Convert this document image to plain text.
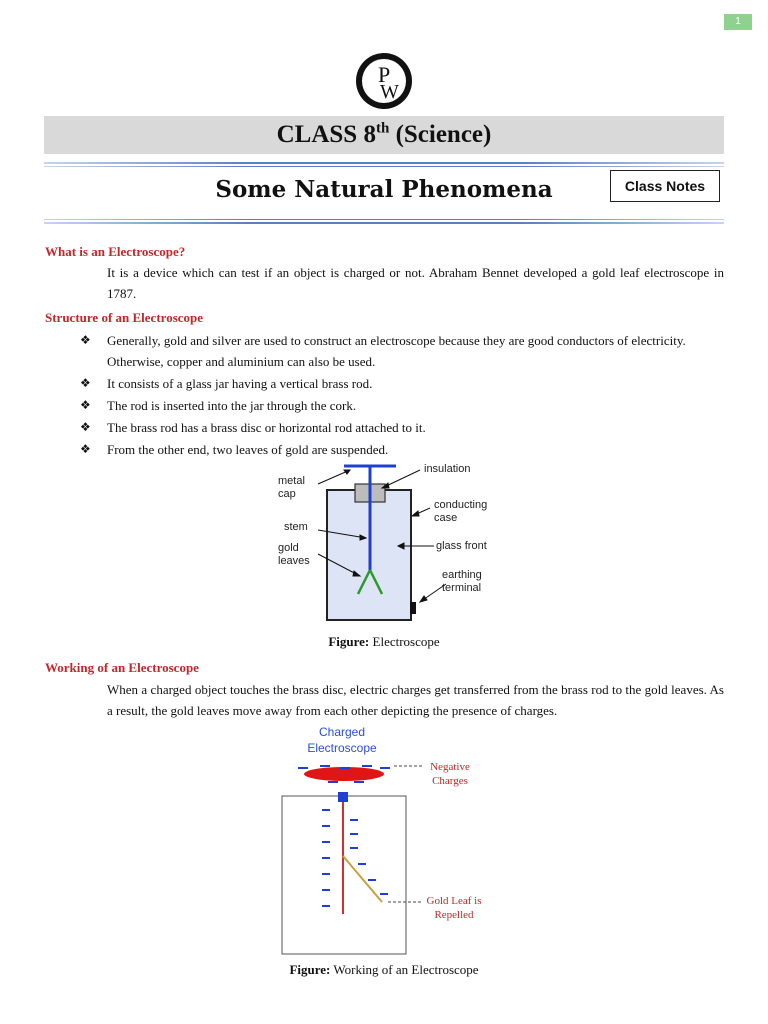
1
P
W
CLASS 8th (Science)
Some Natural Phenomena	Class Notes
What is an Electroscope?
It is a device which can test if an object is charged or not. Abraham Bennet developed a gold leaf electroscope in 1787.
Structure of an Electroscope
❖ Generally, gold and silver are used to construct an electroscope because they are good conductors of electricity. Otherwise, copper and aluminium can also be used.
❖ It consists of a glass jar having a vertical brass rod.
❖ The rod is inserted into the jar through the cork.
❖ The brass rod has a brass disc or horizontal rod attached to it.
❖ From the other end, two leaves of gold are suspended.
metal
cap
stem
gold
leaves
insulation
conducting
case
glass front
earthing
terminal
Figure: Electroscope
Working of an Electroscope
When a charged object touches the brass disc, electric charges get transferred from the brass rod to the gold leaves. As a result, the gold leaves move away from each other depicting the presence of charges.
Charged
Electroscope
Negative
Charges
Gold Leaf is
Repelled
Figure: Working of an Electroscope
